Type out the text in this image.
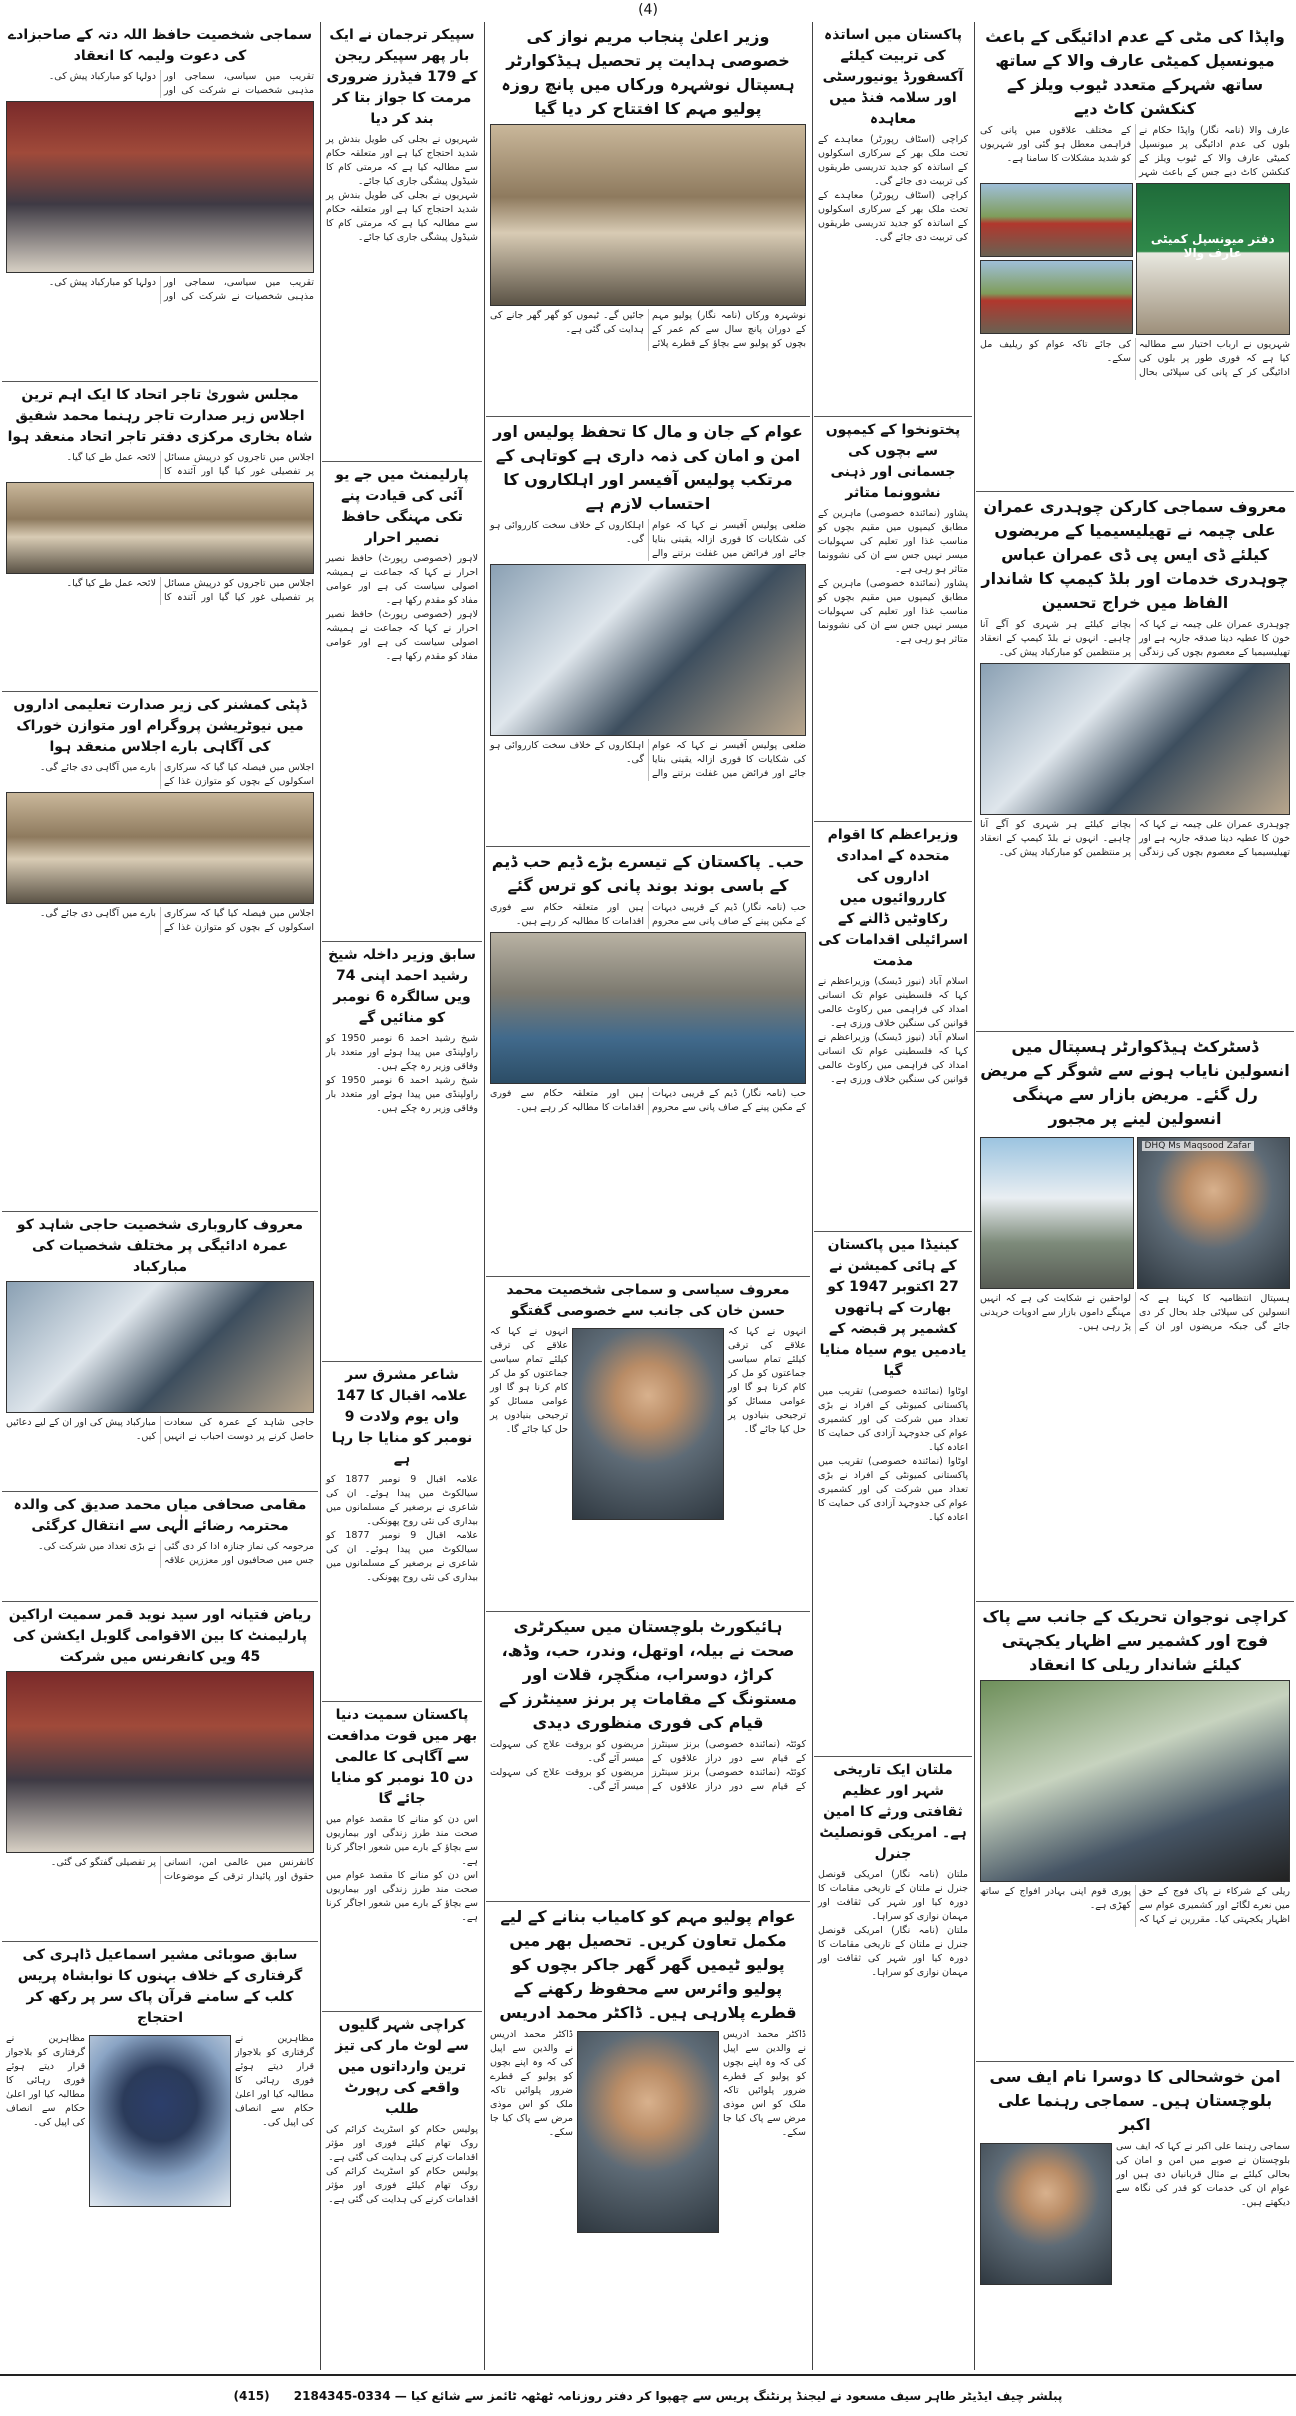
(4)
واپڈا کی مٹی کے عدم ادائیگی کے باعث میونسپل کمیٹی عارف والا کے ساتھ ساتھ شہرکے متعدد ٹیوب ویلز کے کنکشن کاٹ دیے
عارف والا (نامہ نگار) واپڈا حکام نے بلوں کی عدم ادائیگی پر میونسپل کمیٹی عارف والا کے ٹیوب ویلز کے کنکشن کاٹ دیے جس کے باعث شہر کے مختلف علاقوں میں پانی کی فراہمی معطل ہو گئی اور شہریوں کو شدید مشکلات کا سامنا ہے۔
دفتر میونسپل کمیٹی عارف والا
شہریوں نے ارباب اختیار سے مطالبہ کیا ہے کہ فوری طور پر بلوں کی ادائیگی کر کے پانی کی سپلائی بحال کی جائے تاکہ عوام کو ریلیف مل سکے۔
معروف سماجی کارکن چوہدری عمران علی چیمہ نے تھیلیسیمیا کے مریضوں کیلئے ڈی ایس پی ڈی عمران عباس چوہدری خدمات اور بلڈ کیمپ کا شاندار الفاظ میں خراج تحسین
چوہدری عمران علی چیمہ نے کہا کہ خون کا عطیہ دینا صدقہ جاریہ ہے اور تھیلیسیمیا کے معصوم بچوں کی زندگی بچانے کیلئے ہر شہری کو آگے آنا چاہیے۔ انہوں نے بلڈ کیمپ کے انعقاد پر منتظمین کو مبارکباد پیش کی۔
چوہدری عمران علی چیمہ نے کہا کہ خون کا عطیہ دینا صدقہ جاریہ ہے اور تھیلیسیمیا کے معصوم بچوں کی زندگی بچانے کیلئے ہر شہری کو آگے آنا چاہیے۔ انہوں نے بلڈ کیمپ کے انعقاد پر منتظمین کو مبارکباد پیش کی۔
ڈسٹرکٹ ہیڈکوارٹر ہسپتال میں انسولین نایاب ہونے سے شوگر کے مریض رل گئے۔ مریض بازار سے مہنگی انسولین لینے پر مجبور
DHQ Ms Maqsood Zafar
ہسپتال انتظامیہ کا کہنا ہے کہ انسولین کی سپلائی جلد بحال کر دی جائے گی جبکہ مریضوں اور ان کے لواحقین نے شکایت کی ہے کہ انہیں مہنگے داموں بازار سے ادویات خریدنی پڑ رہی ہیں۔
کراچی نوجوان تحریک کے جانب سے پاک فوج اور کشمیر سے اظہار یکجہتی کیلئے شاندار ریلی کا انعقاد
ریلی کے شرکاء نے پاک فوج کے حق میں نعرے لگائے اور کشمیری عوام سے اظہار یکجہتی کیا۔ مقررین نے کہا کہ پوری قوم اپنی بہادر افواج کے ساتھ کھڑی ہے۔
امن خوشحالی کا دوسرا نام ایف سی بلوچستان ہیں۔ سماجی رہنما علی اکبر
سماجی رہنما علی اکبر نے کہا کہ ایف سی بلوچستان نے صوبے میں امن و امان کی بحالی کیلئے بے مثال قربانیاں دی ہیں اور عوام ان کی خدمات کو قدر کی نگاہ سے دیکھتے ہیں۔
پاکستان میں اساتذہ کی تربیت کیلئے آکسفورڈ یونیورسٹی اور سلامہ فنڈ میں معاہدہ
کراچی (اسٹاف رپورٹر) معاہدے کے تحت ملک بھر کے سرکاری اسکولوں کے اساتذہ کو جدید تدریسی طریقوں کی تربیت دی جائے گی۔
کراچی (اسٹاف رپورٹر) معاہدے کے تحت ملک بھر کے سرکاری اسکولوں کے اساتذہ کو جدید تدریسی طریقوں کی تربیت دی جائے گی۔
پختونخوا کے کیمپوں سے بچوں کی جسمانی اور ذہنی نشوونما متاثر
پشاور (نمائندہ خصوصی) ماہرین کے مطابق کیمپوں میں مقیم بچوں کو مناسب غذا اور تعلیم کی سہولیات میسر نہیں جس سے ان کی نشوونما متاثر ہو رہی ہے۔
پشاور (نمائندہ خصوصی) ماہرین کے مطابق کیمپوں میں مقیم بچوں کو مناسب غذا اور تعلیم کی سہولیات میسر نہیں جس سے ان کی نشوونما متاثر ہو رہی ہے۔
وزیراعظم کا اقوام متحدہ کے امدادی اداروں کی کارروائیوں میں رکاوٹیں ڈالنے کے اسرائیلی اقدامات کی مذمت
اسلام آباد (نیوز ڈیسک) وزیراعظم نے کہا کہ فلسطینی عوام تک انسانی امداد کی فراہمی میں رکاوٹ عالمی قوانین کی سنگین خلاف ورزی ہے۔
اسلام آباد (نیوز ڈیسک) وزیراعظم نے کہا کہ فلسطینی عوام تک انسانی امداد کی فراہمی میں رکاوٹ عالمی قوانین کی سنگین خلاف ورزی ہے۔
کینیڈا میں پاکستان کے ہائی کمیشن نے 27 اکتوبر 1947 کو بھارت کے ہاتھوں کشمیر پر قبضہ کے یادمیں یوم سیاہ منایا گیا
اوٹاوا (نمائندہ خصوصی) تقریب میں پاکستانی کمیونٹی کے افراد نے بڑی تعداد میں شرکت کی اور کشمیری عوام کی جدوجہد آزادی کی حمایت کا اعادہ کیا۔
اوٹاوا (نمائندہ خصوصی) تقریب میں پاکستانی کمیونٹی کے افراد نے بڑی تعداد میں شرکت کی اور کشمیری عوام کی جدوجہد آزادی کی حمایت کا اعادہ کیا۔
ملتان ایک تاریخی شہر اور عظیم ثقافتی ورثے کا امین ہے۔ امریکی قونصلیٹ جنرل
ملتان (نامہ نگار) امریکی قونصل جنرل نے ملتان کے تاریخی مقامات کا دورہ کیا اور شہر کی ثقافت اور مہمان نوازی کو سراہا۔
ملتان (نامہ نگار) امریکی قونصل جنرل نے ملتان کے تاریخی مقامات کا دورہ کیا اور شہر کی ثقافت اور مہمان نوازی کو سراہا۔
وزیر اعلیٰ پنجاب مریم نواز کی خصوصی ہدایت پر تحصیل ہیڈکوارٹر ہسپتال نوشہرہ ورکاں میں پانچ روزہ پولیو مہم کا افتتاح کر دیا گیا
نوشہرہ ورکاں (نامہ نگار) پولیو مہم کے دوران پانچ سال سے کم عمر کے بچوں کو پولیو سے بچاؤ کے قطرے پلائے جائیں گے۔ ٹیموں کو گھر گھر جانے کی ہدایت کی گئی ہے۔
عوام کے جان و مال کا تحفظ پولیس اور امن و امان کی ذمہ داری ہے کوتاہی کے مرتکب پولیس آفیسر اور اہلکاروں کا احتساب لازم ہے
ضلعی پولیس آفیسر نے کہا کہ عوام کی شکایات کا فوری ازالہ یقینی بنایا جائے اور فرائض میں غفلت برتنے والے اہلکاروں کے خلاف سخت کارروائی ہو گی۔
ضلعی پولیس آفیسر نے کہا کہ عوام کی شکایات کا فوری ازالہ یقینی بنایا جائے اور فرائض میں غفلت برتنے والے اہلکاروں کے خلاف سخت کارروائی ہو گی۔
حب۔ پاکستان کے تیسرے بڑے ڈیم حب ڈیم کے باسی بوند بوند پانی کو ترس گئے
حب (نامہ نگار) ڈیم کے قریبی دیہات کے مکین پینے کے صاف پانی سے محروم ہیں اور متعلقہ حکام سے فوری اقدامات کا مطالبہ کر رہے ہیں۔
حب (نامہ نگار) ڈیم کے قریبی دیہات کے مکین پینے کے صاف پانی سے محروم ہیں اور متعلقہ حکام سے فوری اقدامات کا مطالبہ کر رہے ہیں۔
معروف سیاسی و سماجی شخصیت محمد حسن خان کی جانب سے خصوصی گفتگو
انہوں نے کہا کہ علاقے کی ترقی کیلئے تمام سیاسی جماعتوں کو مل کر کام کرنا ہو گا اور عوامی مسائل کو ترجیحی بنیادوں پر حل کیا جائے گا۔
انہوں نے کہا کہ علاقے کی ترقی کیلئے تمام سیاسی جماعتوں کو مل کر کام کرنا ہو گا اور عوامی مسائل کو ترجیحی بنیادوں پر حل کیا جائے گا۔
ہائیکورٹ بلوچستان میں سیکرٹری صحت نے بیلہ، اوتھل، وندر، حب، وڈھ، کراڑ، دوسراب، منگچر، قلات اور مستونگ کے مقامات پر برنز سینٹرز کے قیام کی فوری منظوری دیدی
کوئٹہ (نمائندہ خصوصی) برنز سینٹرز کے قیام سے دور دراز علاقوں کے مریضوں کو بروقت علاج کی سہولت میسر آئے گی۔
کوئٹہ (نمائندہ خصوصی) برنز سینٹرز کے قیام سے دور دراز علاقوں کے مریضوں کو بروقت علاج کی سہولت میسر آئے گی۔
عوام پولیو مہم کو کامیاب بنانے کے لیے مکمل تعاون کریں۔ تحصیل بھر میں پولیو ٹیمیں گھر گھر جاکر بچوں کو پولیو وائرس سے محفوظ رکھنے کے قطرے پلارہی ہیں۔ ڈاکٹر محمد ادریس
ڈاکٹر محمد ادریس نے والدین سے اپیل کی کہ وہ اپنے بچوں کو پولیو کے قطرے ضرور پلوائیں تاکہ ملک کو اس موذی مرض سے پاک کیا جا سکے۔
ڈاکٹر محمد ادریس نے والدین سے اپیل کی کہ وہ اپنے بچوں کو پولیو کے قطرے ضرور پلوائیں تاکہ ملک کو اس موذی مرض سے پاک کیا جا سکے۔
سپیکر ترجمان نے ایک بار پھر سپیکر ریجن کے 179 فیڈرز ضروری مرمت کا جواز بتا کر بند کر دیا
شہریوں نے بجلی کی طویل بندش پر شدید احتجاج کیا ہے اور متعلقہ حکام سے مطالبہ کیا ہے کہ مرمتی کام کا شیڈول پیشگی جاری کیا جائے۔
شہریوں نے بجلی کی طویل بندش پر شدید احتجاج کیا ہے اور متعلقہ حکام سے مطالبہ کیا ہے کہ مرمتی کام کا شیڈول پیشگی جاری کیا جائے۔
پارلیمنٹ میں جے یو آئی کی قیادت پنے تکی مہنگی حافظ نصیر احرار
لاہور (خصوصی رپورٹ) حافظ نصیر احرار نے کہا کہ جماعت نے ہمیشہ اصولی سیاست کی ہے اور عوامی مفاد کو مقدم رکھا ہے۔
لاہور (خصوصی رپورٹ) حافظ نصیر احرار نے کہا کہ جماعت نے ہمیشہ اصولی سیاست کی ہے اور عوامی مفاد کو مقدم رکھا ہے۔
سابق وزیر داخلہ شیخ رشید احمد اپنی 74 ویں سالگرہ 6 نومبر کو منائیں گے
شیخ رشید احمد 6 نومبر 1950 کو راولپنڈی میں پیدا ہوئے اور متعدد بار وفاقی وزیر رہ چکے ہیں۔
شیخ رشید احمد 6 نومبر 1950 کو راولپنڈی میں پیدا ہوئے اور متعدد بار وفاقی وزیر رہ چکے ہیں۔
شاعر مشرق سر علامہ اقبال کا 147 واں یوم ولادت 9 نومبر کو منایا جا رہا ہے
علامہ اقبال 9 نومبر 1877 کو سیالکوٹ میں پیدا ہوئے۔ ان کی شاعری نے برصغیر کے مسلمانوں میں بیداری کی نئی روح پھونکی۔
علامہ اقبال 9 نومبر 1877 کو سیالکوٹ میں پیدا ہوئے۔ ان کی شاعری نے برصغیر کے مسلمانوں میں بیداری کی نئی روح پھونکی۔
پاکستان سمیت دنیا بھر میں قوت مدافعت سے آگاہی کا عالمی دن 10 نومبر کو منایا جائے گا
اس دن کو منانے کا مقصد عوام میں صحت مند طرز زندگی اور بیماریوں سے بچاؤ کے بارے میں شعور اجاگر کرنا ہے۔
اس دن کو منانے کا مقصد عوام میں صحت مند طرز زندگی اور بیماریوں سے بچاؤ کے بارے میں شعور اجاگر کرنا ہے۔
کراچی شہر گلیوں سے لوٹ مار کی تیز ترین وارداتوں میں واقعے کی رپورٹ طلب
پولیس حکام کو اسٹریٹ کرائم کی روک تھام کیلئے فوری اور مؤثر اقدامات کرنے کی ہدایت کی گئی ہے۔
پولیس حکام کو اسٹریٹ کرائم کی روک تھام کیلئے فوری اور مؤثر اقدامات کرنے کی ہدایت کی گئی ہے۔
سماجی شخصیت حافظ اللہ دتہ کے صاحبزادے کی دعوت ولیمہ کا انعقاد
تقریب میں سیاسی، سماجی اور مذہبی شخصیات نے شرکت کی اور دولہا کو مبارکباد پیش کی۔
تقریب میں سیاسی، سماجی اور مذہبی شخصیات نے شرکت کی اور دولہا کو مبارکباد پیش کی۔
مجلس شوریٰ تاجر اتحاد کا ایک اہم ترین اجلاس زیر صدارت تاجر رہنما محمد شفیق شاہ بخاری مرکزی دفتر تاجر اتحاد منعقد ہوا
اجلاس میں تاجروں کو درپیش مسائل پر تفصیلی غور کیا گیا اور آئندہ کا لائحہ عمل طے کیا گیا۔
اجلاس میں تاجروں کو درپیش مسائل پر تفصیلی غور کیا گیا اور آئندہ کا لائحہ عمل طے کیا گیا۔
ڈپٹی کمشنر کی زیر صدارت تعلیمی اداروں میں نیوٹریشن پروگرام اور متوازن خوراک کی آگاہی بارے اجلاس منعقد ہوا
اجلاس میں فیصلہ کیا گیا کہ سرکاری اسکولوں کے بچوں کو متوازن غذا کے بارے میں آگاہی دی جائے گی۔
اجلاس میں فیصلہ کیا گیا کہ سرکاری اسکولوں کے بچوں کو متوازن غذا کے بارے میں آگاہی دی جائے گی۔
معروف کاروباری شخصیت حاجی شاہد کو عمرہ ادائیگی پر مختلف شخصیات کی مبارکباد
حاجی شاہد کے عمرہ کی سعادت حاصل کرنے پر دوست احباب نے انہیں مبارکباد پیش کی اور ان کے لیے دعائیں کیں۔
مقامی صحافی میاں محمد صدیق کی والدہ محترمہ رضائے الٰہی سے انتقال کرگئی
مرحومہ کی نماز جنازہ ادا کر دی گئی جس میں صحافیوں اور معززین علاقہ نے بڑی تعداد میں شرکت کی۔
ریاض فتیانہ اور سید نوید قمر سمیت اراکین پارلیمنٹ کا بین الاقوامی گلوبل ایکشن کی 45 ویں کانفرنس میں شرکت
کانفرنس میں عالمی امن، انسانی حقوق اور پائیدار ترقی کے موضوعات پر تفصیلی گفتگو کی گئی۔
سابق صوبائی مشیر اسماعیل ڈاہری کی گرفتاری کے خلاف بہنوں کا نوابشاہ پریس کلب کے سامنے قرآن پاک سر پر رکھ کر احتجاج
مظاہرین نے گرفتاری کو بلاجواز قرار دیتے ہوئے فوری رہائی کا مطالبہ کیا اور اعلیٰ حکام سے انصاف کی اپیل کی۔
مظاہرین نے گرفتاری کو بلاجواز قرار دیتے ہوئے فوری رہائی کا مطالبہ کیا اور اعلیٰ حکام سے انصاف کی اپیل کی۔
پبلشر چیف ایڈیٹر طاہر سیف مسعود نے لیجنڈ پرنٹنگ پریس سے چھپوا کر دفتر روزنامہ ٹھٹھہ ٹائمز سے شائع کیا — 0334-2184345 (415)
